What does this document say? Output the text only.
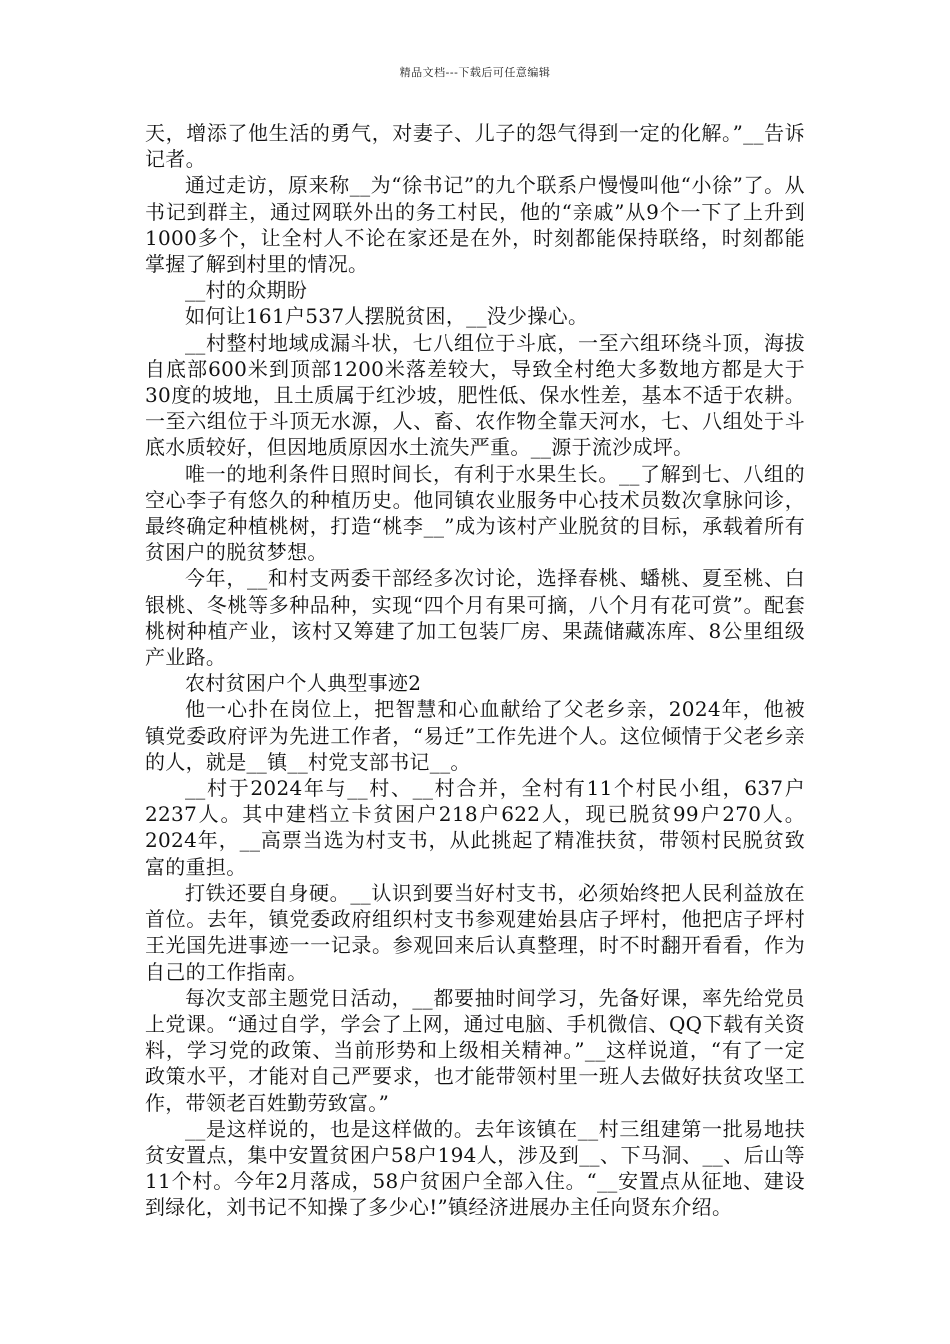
精品文档---下载后可任意编辑

天，增添了他生活的勇气，对妻子、儿子的怨气得到一定的化解。”__告诉记者。

通过走访，原来称__为“徐书记”的九个联系户慢慢叫他“小徐”了。从书记到群主，通过网联外出的务工村民，他的“亲戚”从9个一下了上升到1000多个，让全村人不论在家还是在外，时刻都能保持联络，时刻都能掌握了解到村里的情况。

__村的众期盼

如何让161户537人摆脱贫困，__没少操心。

__村整村地域成漏斗状，七八组位于斗底，一至六组环绕斗顶，海拔自底部600米到顶部1200米落差较大，导致全村绝大多数地方都是大于30度的坡地，且土质属于红沙坡，肥性低、保水性差，基本不适于农耕。一至六组位于斗顶无水源，人、畜、农作物全靠天河水，七、八组处于斗底水质较好，但因地质原因水土流失严重。__源于流沙成坪。

唯一的地利条件日照时间长，有利于水果生长。__了解到七、八组的空心李子有悠久的种植历史。他同镇农业服务中心技术员数次拿脉问诊，最终确定种植桃树，打造“桃李__”成为该村产业脱贫的目标，承载着所有贫困户的脱贫梦想。

今年，__和村支两委干部经多次讨论，选择春桃、蟠桃、夏至桃、白银桃、冬桃等多种品种，实现“四个月有果可摘，八个月有花可赏”。配套桃树种植产业，该村又筹建了加工包装厂房、果蔬储藏冻库、8公里组级产业路。

农村贫困户个人典型事迹2

他一心扑在岗位上，把智慧和心血献给了父老乡亲，2024年，他被镇党委政府评为先进工作者，“易迁”工作先进个人。这位倾情于父老乡亲的人，就是__镇__村党支部书记__。

__村于2024年与__村、__村合并，全村有11个村民小组，637户2237人。其中建档立卡贫困户218户622人，现已脱贫99户270人。2024年，__高票当选为村支书，从此挑起了精准扶贫，带领村民脱贫致富的重担。

打铁还要自身硬。__认识到要当好村支书，必须始终把人民利益放在首位。去年，镇党委政府组织村支书参观建始县店子坪村，他把店子坪村王光国先进事迹一一记录。参观回来后认真整理，时不时翻开看看，作为自己的工作指南。

每次支部主题党日活动，__都要抽时间学习，先备好课，率先给党员上党课。“通过自学，学会了上网，通过电脑、手机微信、QQ下载有关资料，学习党的政策、当前形势和上级相关精神。”__这样说道，“有了一定政策水平，才能对自己严要求，也才能带领村里一班人去做好扶贫攻坚工作，带领老百姓勤劳致富。”

__是这样说的，也是这样做的。去年该镇在__村三组建第一批易地扶贫安置点，集中安置贫困户58户194人，涉及到__、下马洞、__、后山等11个村。今年2月落成，58户贫困户全部入住。“__安置点从征地、建设到绿化，刘书记不知操了多少心!”镇经济进展办主任向贤东介绍。
